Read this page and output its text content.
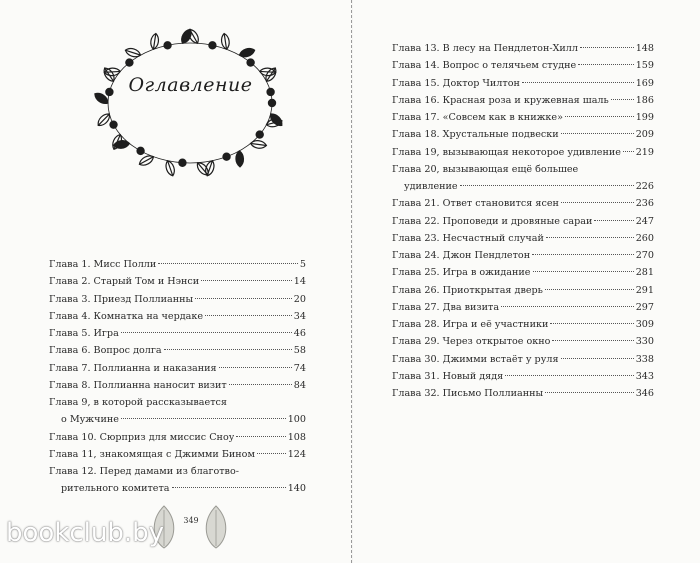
Оглавление
Глава 1. Мисс Полли	5
Глава 2. Старый Том и Нэнси	14
Глава 3. Приезд Поллианны	20
Глава 4. Комнатка на чердаке	34
Глава 5. Игра	46
Глава 6. Вопрос долга	58
Глава 7. Поллианна и наказания	74
Глава 8. Поллианна наносит визит	84
Глава 9, в которой рассказывается
о Мужчине	100
Глава 10. Сюрприз для миссис Сноу	108
Глава 11, знакомящая с Джимми Бином	124
Глава 12. Перед дамами из благотво-
рительного комитета	140
349
Глава 13. В лесу на Пендлетон-Хилл	148
Глава 14. Вопрос о телячьем студне	159
Глава 15. Доктор Чилтон	169
Глава 16. Красная роза и кружевная шаль	186
Глава 17. «Совсем как в книжке»	199
Глава 18. Хрустальные подвески	209
Глава 19, вызывающая некоторое удивление 219
Глава 20, вызывающая ещё большее
удивление	226
Глава 21. Ответ становится ясен	236
Глава 22. Проповеди и дровяные сараи	247
Глава 23. Несчастный случай	260
Глава 24. Джон Пендлетон	270
Глава 25. Игра в ожидание	281
Глава 26. Приоткрытая дверь	291
Глава 27. Два визита	297
Глава 28. Игра и её участники	309
Глава 29. Через открытое окно	330
Глава 30. Джимми встаёт у руля	338
Глава 31. Новый дядя	343
Глава 32. Письмо Поллианны	346
bookclub.by
